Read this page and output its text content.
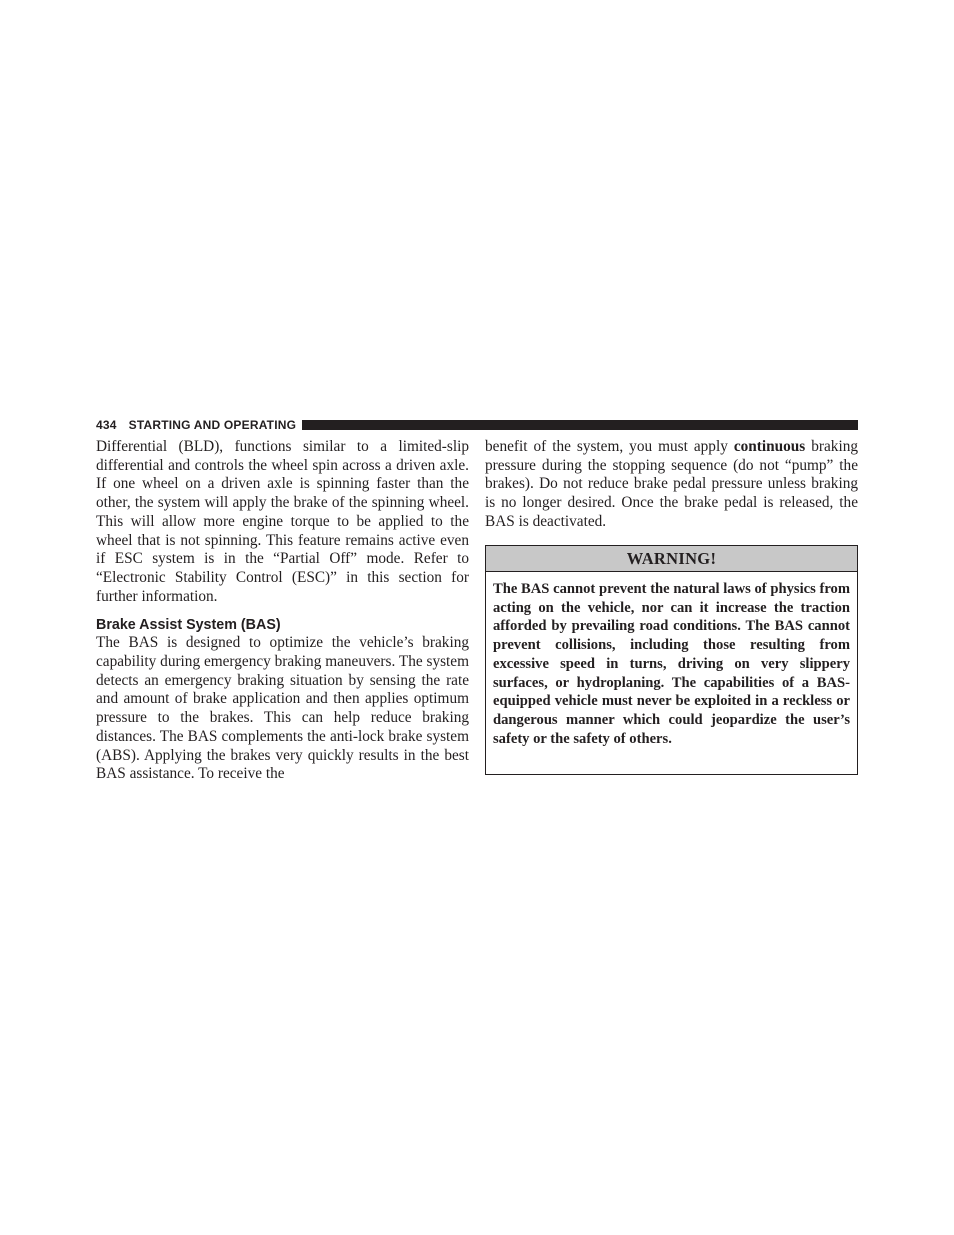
434 STARTING AND OPERATING

Differential (BLD), functions similar to a limited-slip differential and controls the wheel spin across a driven axle. If one wheel on a driven axle is spinning faster than the other, the system will apply the brake of the spinning wheel. This will allow more engine torque to be applied to the wheel that is not spinning. This feature remains active even if ESC system is in the “Partial Off” mode. Refer to “Electronic Stability Control (ESC)” in this section for further information.

Brake Assist System (BAS)

The BAS is designed to optimize the vehicle’s braking capability during emergency braking maneuvers. The system detects an emergency braking situation by sensing the rate and amount of brake application and then applies optimum pressure to the brakes. This can help reduce braking distances. The BAS complements the anti-lock brake system (ABS). Applying the brakes very quickly results in the best BAS assistance. To receive the

benefit of the system, you must apply continuous braking pressure during the stopping sequence (do not “pump” the brakes). Do not reduce brake pedal pressure unless braking is no longer desired. Once the brake pedal is released, the BAS is deactivated.

WARNING!
The BAS cannot prevent the natural laws of physics from acting on the vehicle, nor can it increase the traction afforded by prevailing road conditions. The BAS cannot prevent collisions, including those resulting from excessive speed in turns, driving on very slippery surfaces, or hydroplaning. The capabilities of a BAS-equipped vehicle must never be exploited in a reckless or dangerous manner which could jeopardize the user’s safety or the safety of others.
